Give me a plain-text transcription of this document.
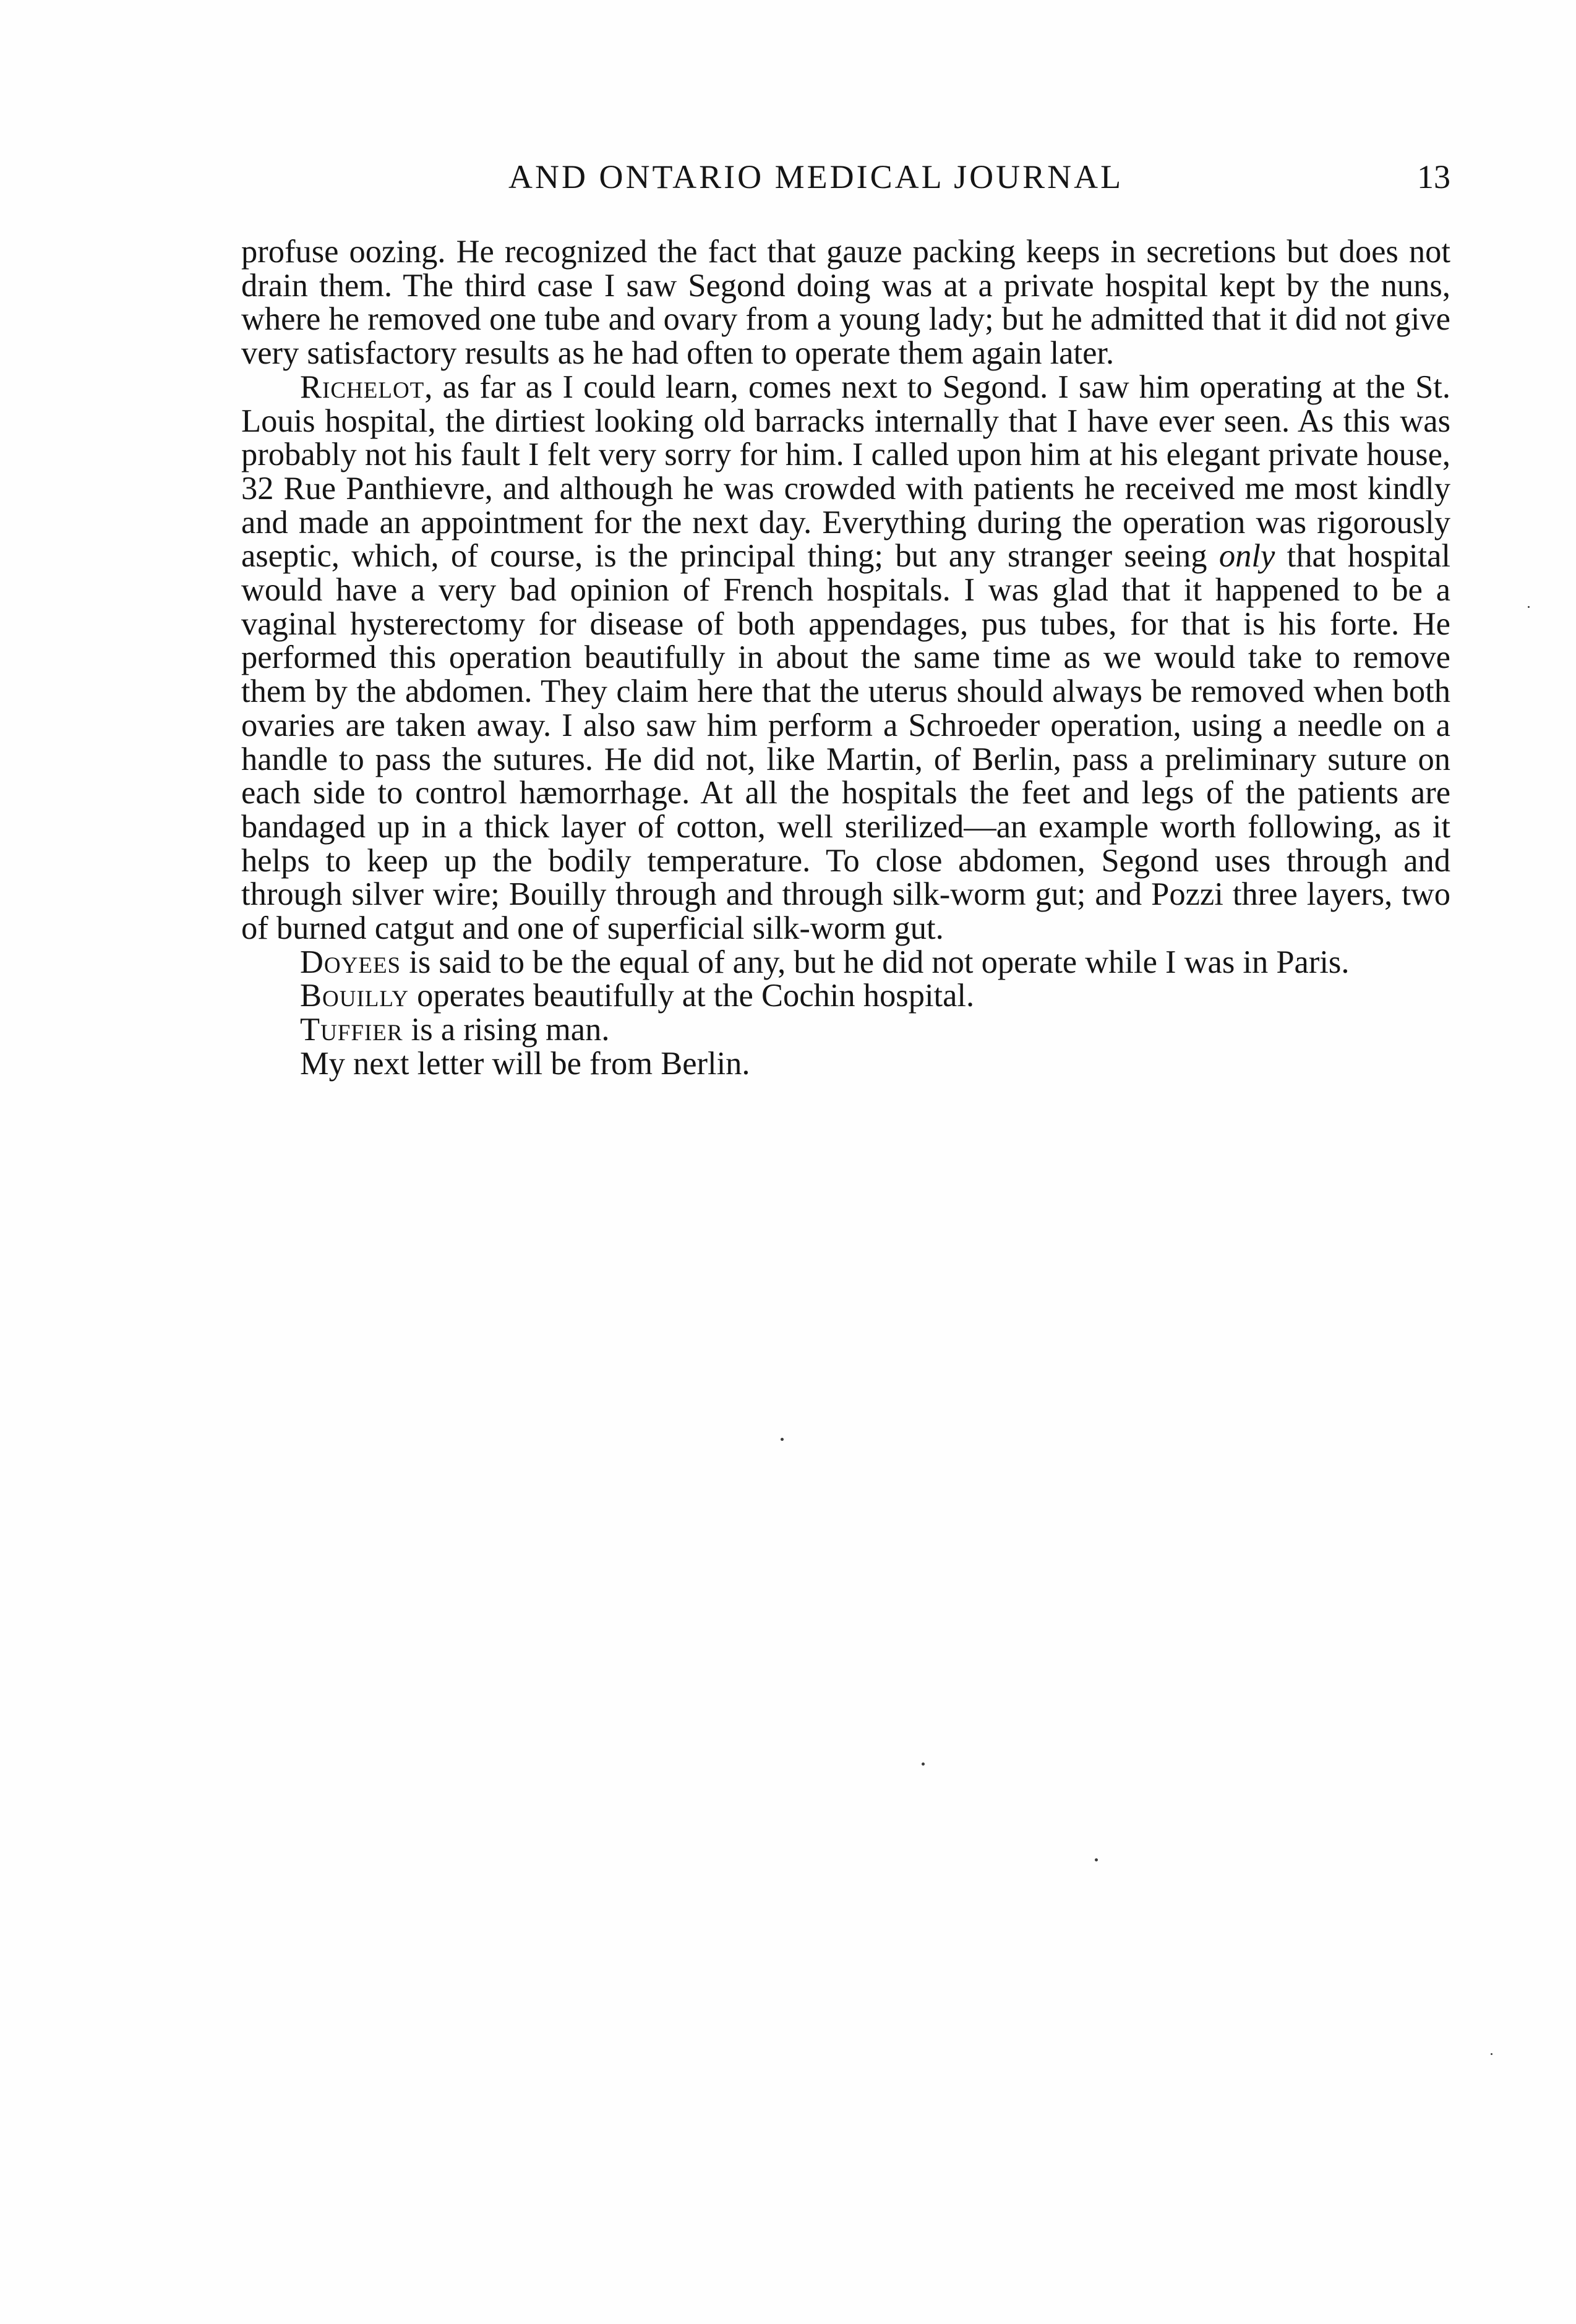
AND ONTARIO MEDICAL JOURNAL	13

profuse oozing. He recognized the fact that gauze packing keeps in secretions but does not drain them. The third case I saw Segond doing was at a private hospital kept by the nuns, where he removed one tube and ovary from a young lady; but he admitted that it did not give very satisfactory results as he had often to operate them again later.

Richelot, as far as I could learn, comes next to Segond. I saw him operating at the St. Louis hospital, the dirtiest looking old barracks internally that I have ever seen. As this was probably not his fault I felt very sorry for him. I called upon him at his elegant private house, 32 Rue Panthievre, and although he was crowded with patients he received me most kindly and made an appointment for the next day. Everything during the operation was rigorously aseptic, which, of course, is the principal thing; but any stranger seeing only that hospital would have a very bad opinion of French hospitals. I was glad that it happened to be a vaginal hysterectomy for disease of both appendages, pus tubes, for that is his forte. He performed this operation beautifully in about the same time as we would take to remove them by the abdomen. They claim here that the uterus should always be removed when both ovaries are taken away. I also saw him perform a Schroeder operation, using a needle on a handle to pass the sutures. He did not, like Martin, of Berlin, pass a preliminary suture on each side to control hæmorrhage. At all the hospitals the feet and legs of the patients are bandaged up in a thick layer of cotton, well sterilized—an example worth following, as it helps to keep up the bodily temperature. To close abdomen, Segond uses through and through silver wire; Bouilly through and through silk-worm gut; and Pozzi three layers, two of burned catgut and one of superficial silk-worm gut.

Doyees is said to be the equal of any, but he did not operate while I was in Paris.

Bouilly operates beautifully at the Cochin hospital.

Tuffier is a rising man.

My next letter will be from Berlin.
